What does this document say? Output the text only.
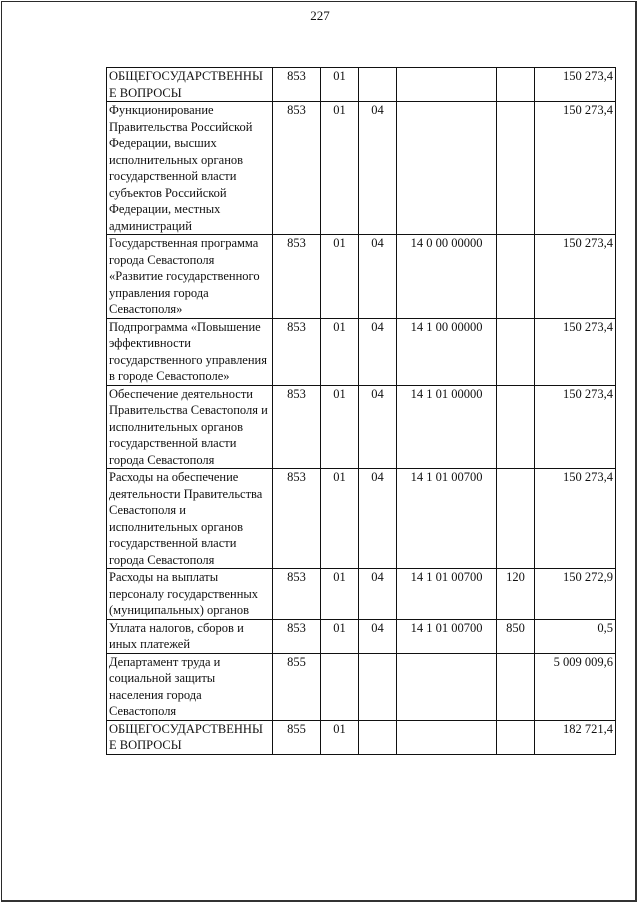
227
ОБЩЕГОСУДАРСТВЕННЫ Е ВОПРОСЫ	853	01				150 273,4
Функционирование Правительства Российской Федерации, высших исполнительных органов государственной власти субъектов Российской Федерации, местных администраций	853	01	04			150 273,4
Государственная программа города Севастополя «Развитие государственного управления города Севастополя»	853	01	04	14 0 00 00000		150 273,4
Подпрограмма «Повышение эффективности государственного управления в городе Севастополе»	853	01	04	14 1 00 00000		150 273,4
Обеспечение деятельности Правительства Севастополя и исполнительных органов государственной власти города Севастополя	853	01	04	14 1 01 00000		150 273,4
Расходы на обеспечение деятельности Правительства Севастополя и исполнительных органов государственной власти города Севастополя	853	01	04	14 1 01 00700		150 273,4
Расходы на выплаты персоналу государственных (муниципальных) органов	853	01	04	14 1 01 00700	120	150 272,9
Уплата налогов, сборов и иных платежей	853	01	04	14 1 01 00700	850	0,5
Департамент труда и социальной защиты населения города Севастополя	855					5 009 009,6
ОБЩЕГОСУДАРСТВЕННЫ Е ВОПРОСЫ	855	01				182 721,4
